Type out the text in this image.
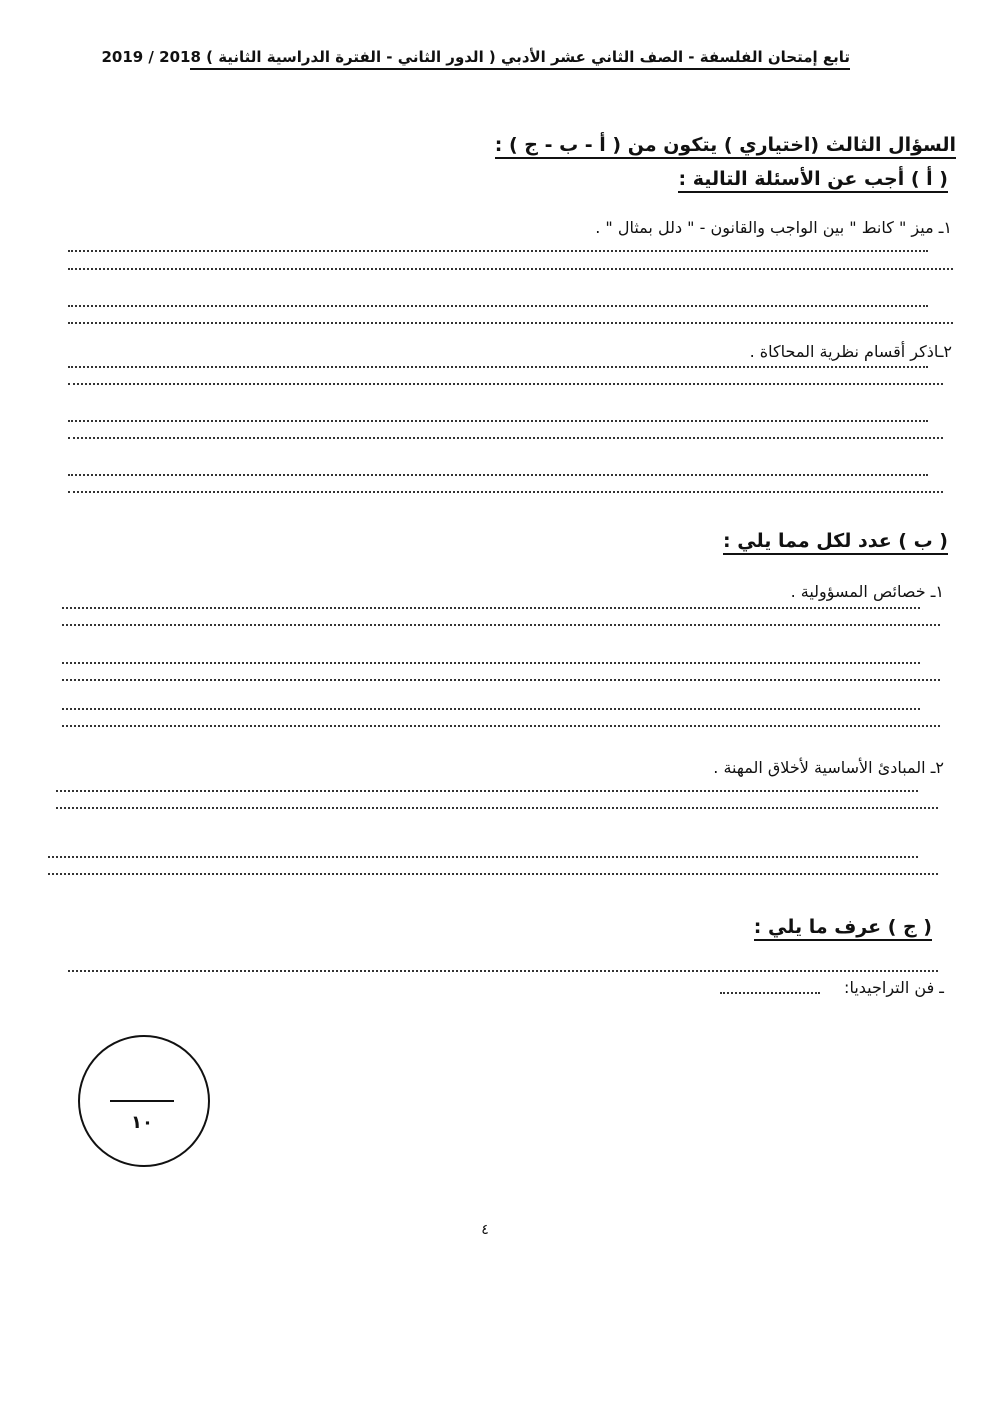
تابع إمتحان الفلسفة - الصف الثاني عشر الأدبي ( الدور الثاني - الفترة الدراسية الثانية ) 2018 / 2019
السؤال الثالث (اختياري ) يتكون من ( أ - ب - ج ) :
( أ ) أجب عن الأسئلة التالية :
١ـ ميز " كانط " بين الواجب والقانون - " دلل بمثال " .
٢ـاذكر أقسام نظرية المحاكاة .
( ب ) عدد لكل مما يلي :
١ـ خصائص المسؤولية .
٢ـ المبادئ الأساسية لأخلاق المهنة .
( ج ) عرف ما يلي :
ـ فن التراجيديا:
١٠
٤
